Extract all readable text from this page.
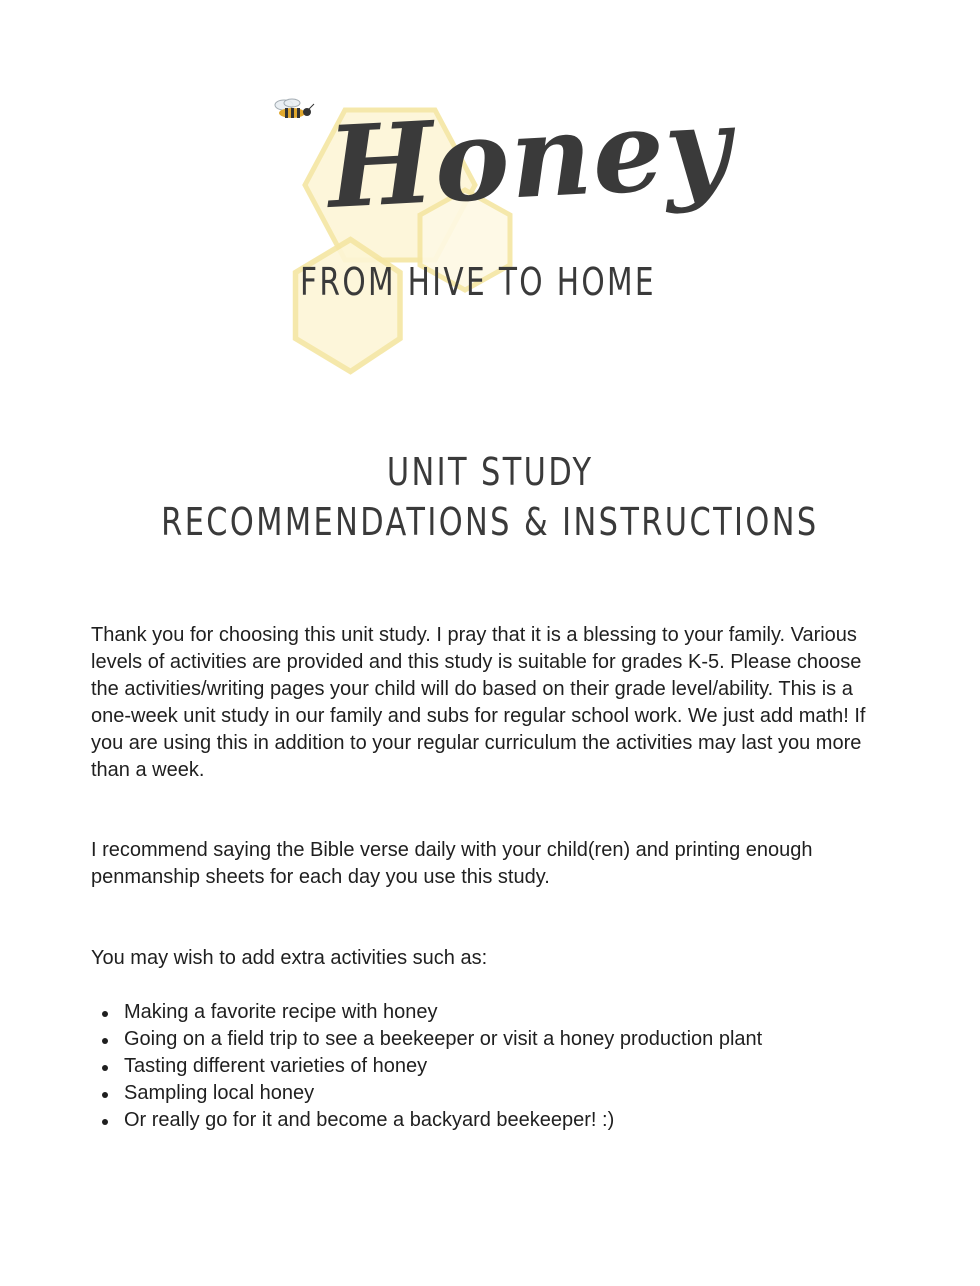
Honey
FROM HIVE TO HOME
UNIT STUDY
RECOMMENDATIONS & INSTRUCTIONS

Thank you for choosing this unit study. I pray that it is a blessing to your family. Various levels of activities are provided and this study is suitable for grades K-5. Please choose the activities/writing pages your child will do based on their grade level/ability. This is a one-week unit study in our family and subs for regular school work. We just add math! If you are using this in addition to your regular curriculum the activities may last you more than a week.

I recommend saying the Bible verse daily with your child(ren) and printing enough penmanship sheets for each day you use this study.

You may wish to add extra activities such as:

Making a favorite recipe with honey
Going on a field trip to see a beekeeper or visit a honey production plant
Tasting different varieties of honey
Sampling local honey
Or really go for it and become a backyard beekeeper! :)
